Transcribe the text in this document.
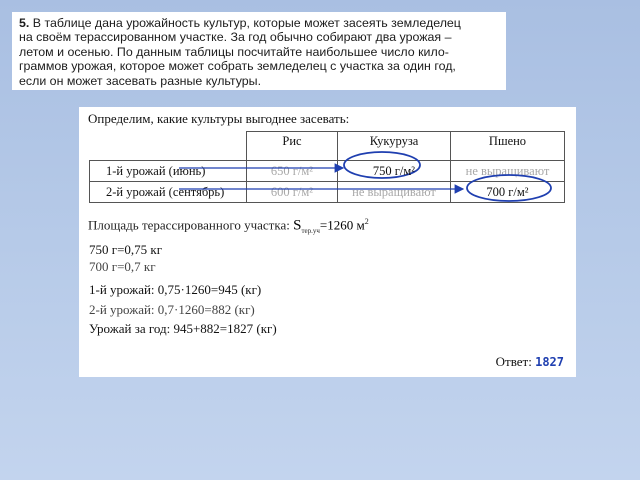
5. В таблице дана урожайность культур, которые может засеять земледелец

на своём терассированном участке. За год обычно собирают два урожая –

летом и осенью. По данным таблицы посчитайте наибольшее число кило-

граммов урожая, которое может собрать земледелец с участка за один год,

если он может засевать разные культуры.

Определим, какие культуры выгоднее засевать:
	Рис	Кукуруза	Пшено
1-й урожай (июнь)	650 г/м²	750 г/м²	не выращивают
2-й урожай (сентябрь)	600 г/м²	не выращивают	700 г/м²
Площадь терассированного участка: $S_{тер.уч}=1260$ $м^2$
750 г=0,75 кг
700 г=0,7 кг
1-й урожай: 0,75·1260=945 (кг)
2-й урожай: 0,7·1260=882 (кг)
Урожай за год: 945+882=1827 (кг)
Ответ: 1827
